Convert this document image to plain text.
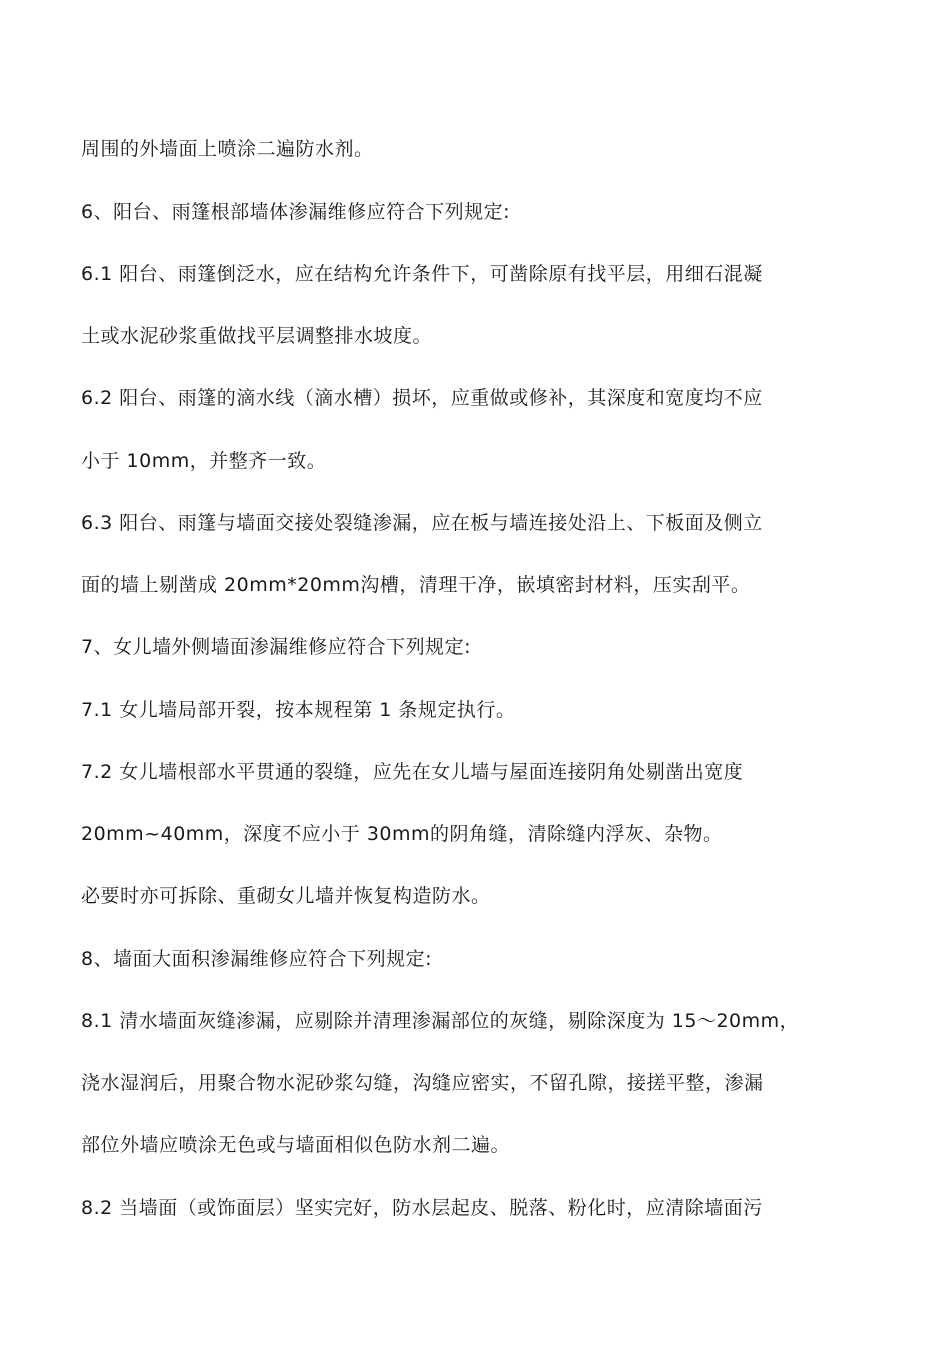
周围的外墙面上喷涂二遍防水剂。
6、阳台、雨篷根部墙体渗漏维修应符合下列规定:
6.1 阳台、雨篷倒泛水，应在结构允许条件下，可凿除原有找平层，用细石混凝
土或水泥砂浆重做找平层调整排水坡度。
6.2 阳台、雨篷的滴水线（滴水槽）损坏，应重做或修补，其深度和宽度均不应
小于 10mm，并整齐一致。
6.3 阳台、雨篷与墙面交接处裂缝渗漏，应在板与墙连接处沿上、下板面及侧立
面的墙上剔凿成 20mm*20mm沟槽，清理干净，嵌填密封材料，压实刮平。
7、女儿墙外侧墙面渗漏维修应符合下列规定:
7.1 女儿墙局部开裂，按本规程第 1 条规定执行。
7.2 女儿墙根部水平贯通的裂缝，应先在女儿墙与屋面连接阴角处剔凿出宽度
20mm~40mm，深度不应小于 30mm的阴角缝，清除缝内浮灰、杂物。
必要时亦可拆除、重砌女儿墙并恢复构造防水。
8、墙面大面积渗漏维修应符合下列规定:
8.1 清水墙面灰缝渗漏，应剔除并清理渗漏部位的灰缝，剔除深度为 15～20mm，
浇水湿润后，用聚合物水泥砂浆勾缝，沟缝应密实，不留孔隙，接搓平整，渗漏
部位外墙应喷涂无色或与墙面相似色防水剂二遍。
8.2 当墙面（或饰面层）坚实完好，防水层起皮、脱落、粉化时，应清除墙面污
